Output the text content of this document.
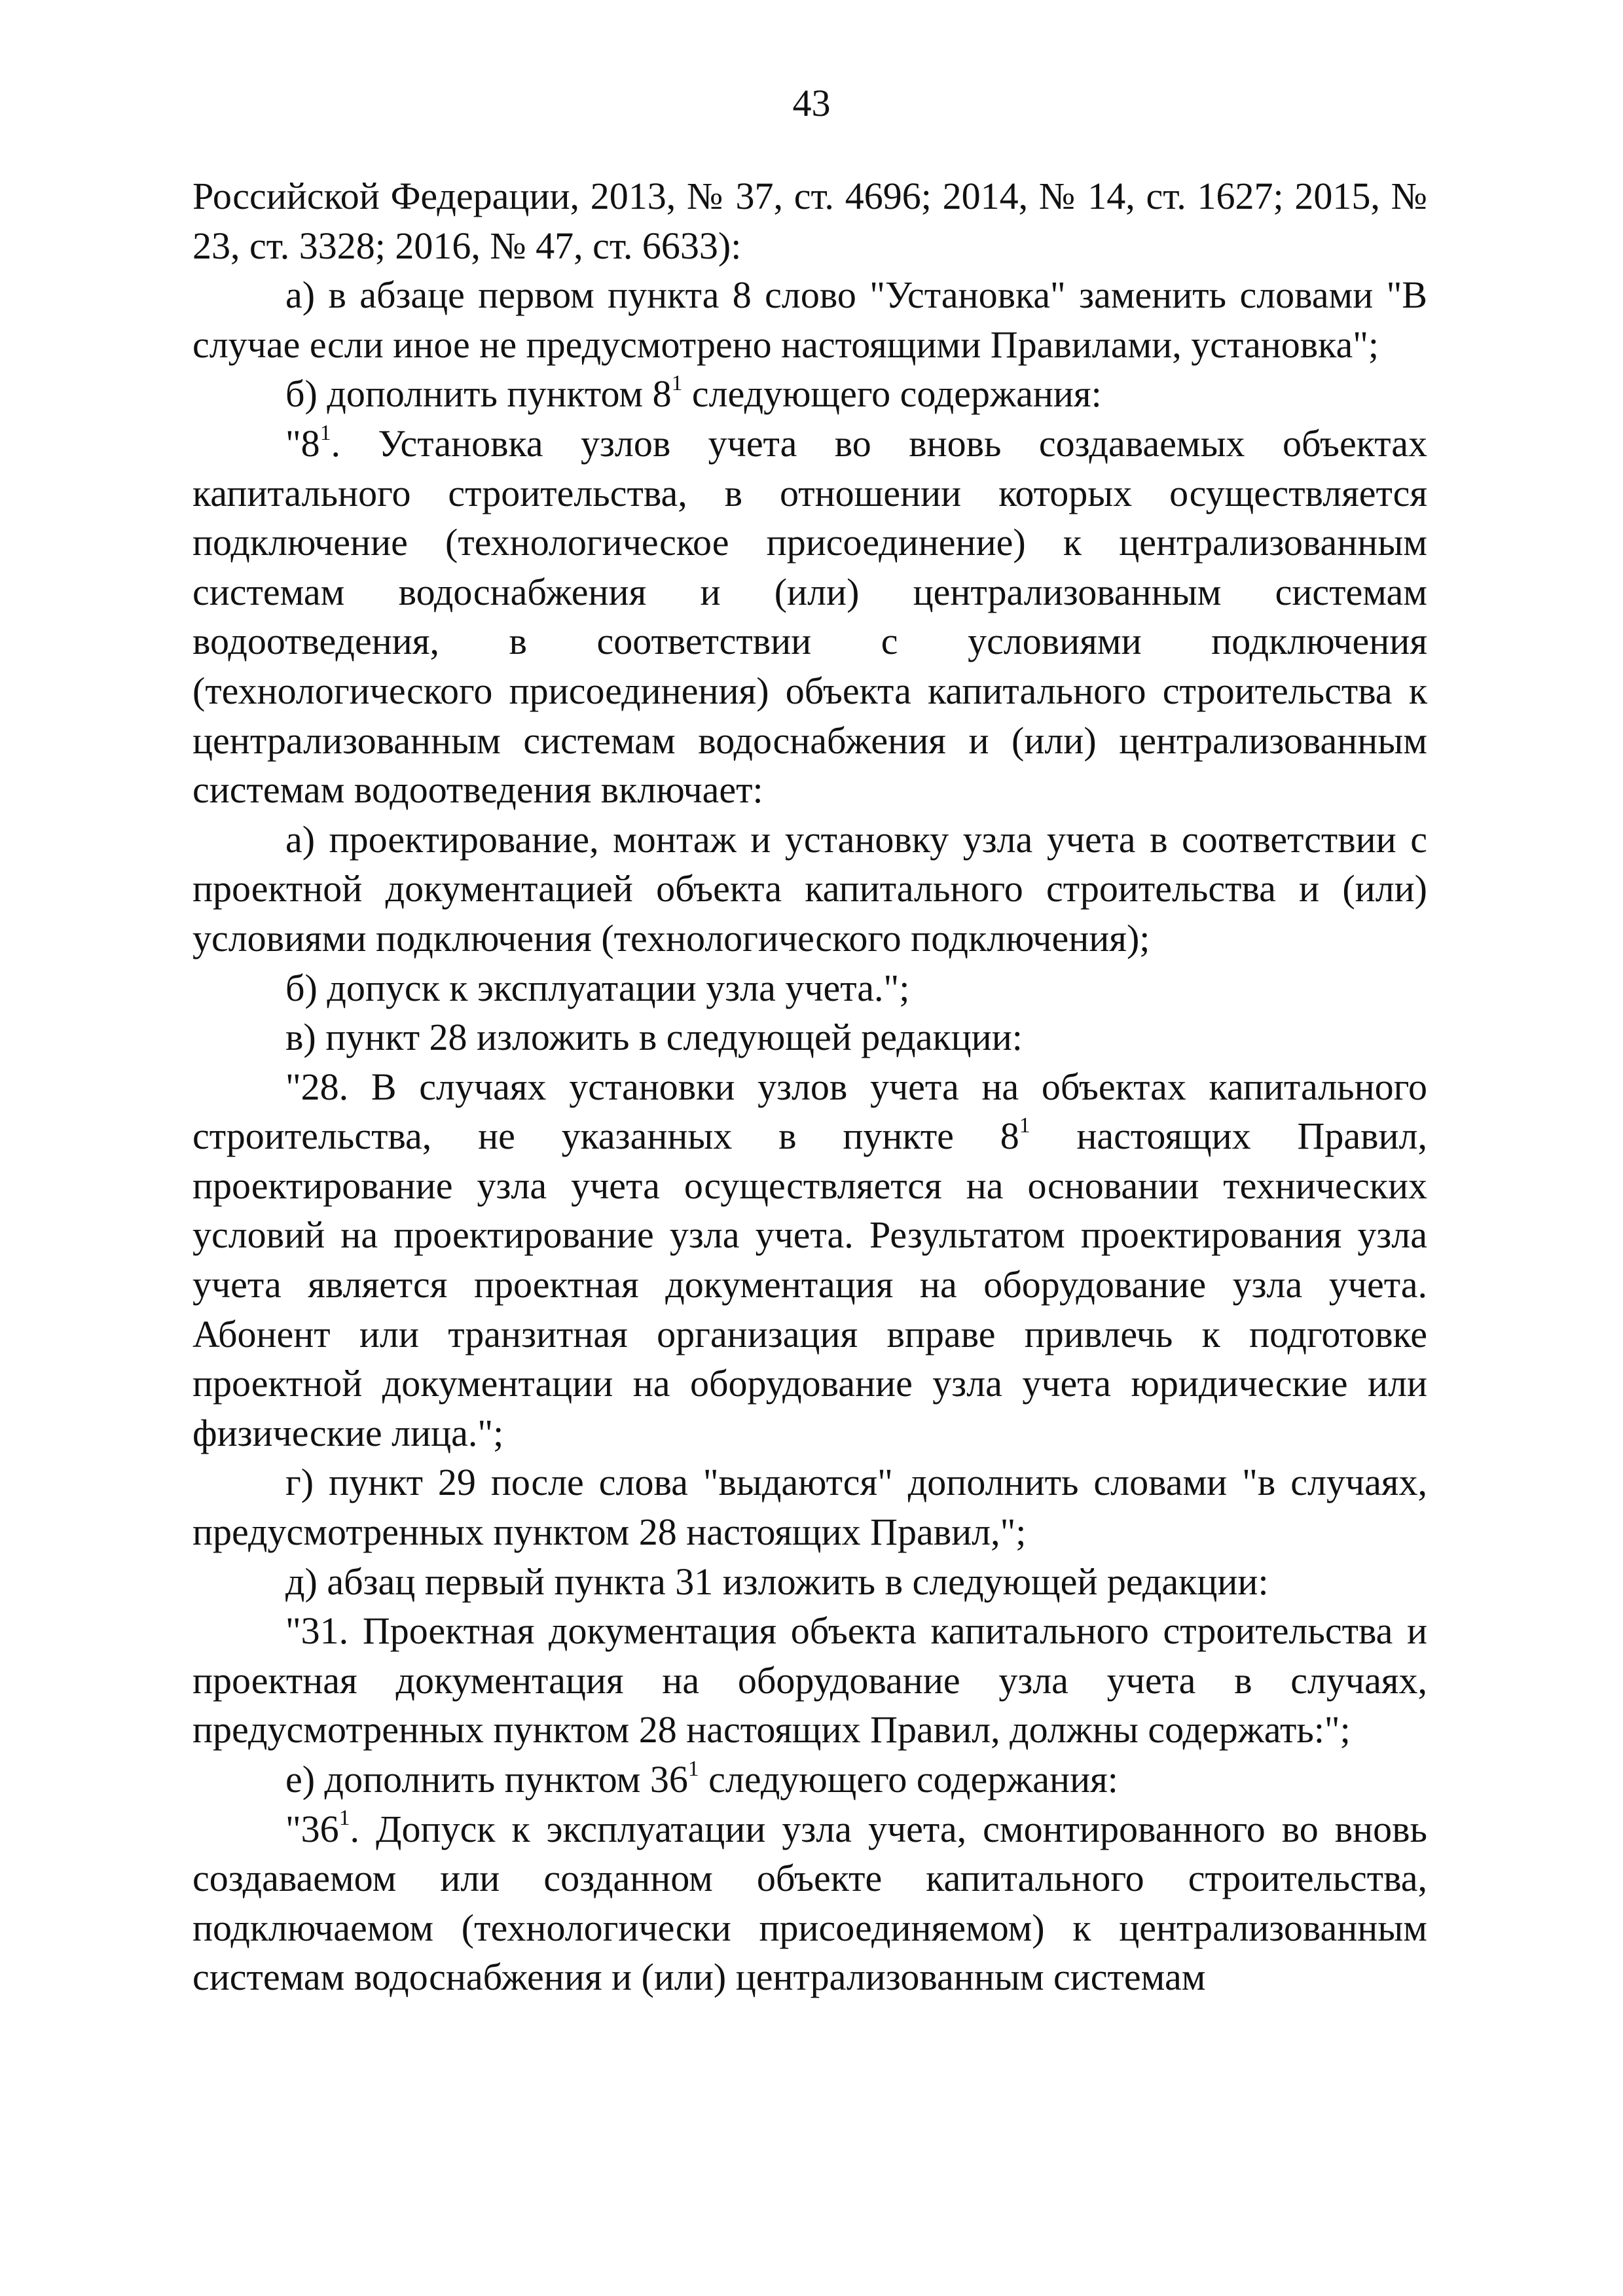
43

Российской Федерации, 2013, № 37, ст. 4696; 2014, № 14, ст. 1627; 2015, № 23, ст. 3328; 2016, № 47, ст. 6633):

а) в абзаце первом пункта 8 слово "Установка" заменить словами "В случае если иное не предусмотрено настоящими Правилами, установка";

б) дополнить пунктом $8^1$ следующего содержания:

"$8^1$. Установка узлов учета во вновь создаваемых объектах капитального строительства, в отношении которых осуществляется подключение (технологическое присоединение) к централизованным системам водоснабжения и (или) централизованным системам водоотведения, в соответствии с условиями подключения (технологического присоединения) объекта капитального строительства к централизованным системам водоснабжения и (или) централизованным системам водоотведения включает:

а) проектирование, монтаж и установку узла учета в соответствии с проектной документацией объекта капитального строительства и (или) условиями подключения (технологического подключения);

б) допуск к эксплуатации узла учета.";

в) пункт 28 изложить в следующей редакции:

"28. В случаях установки узлов учета на объектах капитального строительства, не указанных в пункте $8^1$ настоящих Правил, проектирование узла учета осуществляется на основании технических условий на проектирование узла учета. Результатом проектирования узла учета является проектная документация на оборудование узла учета. Абонент или транзитная организация вправе привлечь к подготовке проектной документации на оборудование узла учета юридические или физические лица.";

г) пункт 29 после слова "выдаются" дополнить словами "в случаях, предусмотренных пунктом 28 настоящих Правил,";

д) абзац первый пункта 31 изложить в следующей редакции:

"31. Проектная документация объекта капитального строительства и проектная документация на оборудование узла учета в случаях, предусмотренных пунктом 28 настоящих Правил, должны содержать:";

е) дополнить пунктом $36^1$ следующего содержания:

"$36^1$. Допуск к эксплуатации узла учета, смонтированного во вновь создаваемом или созданном объекте капитального строительства, подключаемом (технологически присоединяемом) к централизованным системам водоснабжения и (или) централизованным системам
